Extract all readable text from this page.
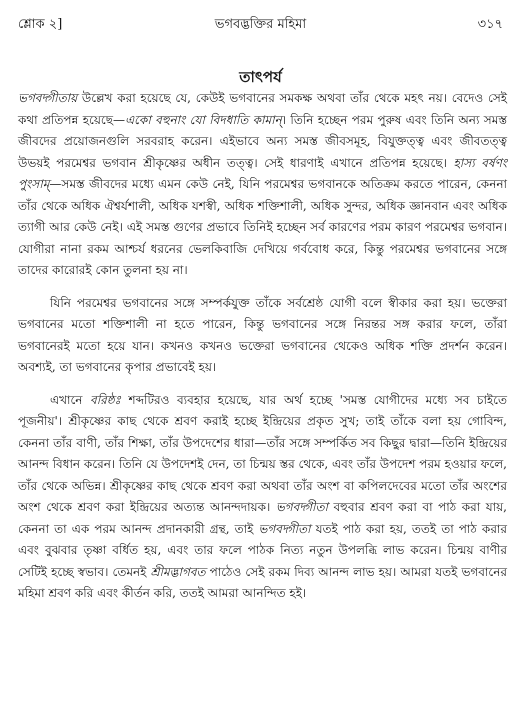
শ্লোক ২]	ভগবদ্ভক্তির মহিমা	৩১৭
তাৎপর্য

ভগবদ্গীতায় উল্লেখ করা হয়েছে যে, কেউই ভগবানের সমকক্ষ অথবা তাঁর থেকে মহৎ নয়। বেদেও সেই কথা প্রতিপন্ন হয়েছে—একো বহুনাং যো বিদধাতি কামান্‌। তিনি হচ্ছেন পরম পুরুষ এবং তিনি অন্য সমস্ত জীবদের প্রয়োজনগুলি সরবরাহ করেন। এইভাবে অন্য সমস্ত জীবসমূহ, বিযুক্তত্ত্ব এবং জীবতত্ত্ব উভয়ই পরমেশ্বর ভগবান শ্রীকৃষ্ণের অধীন তত্ত্ব। সেই ধারণাই এখানে প্রতিপন্ন হয়েছে। হাস্য বর্ষণং পুংসাম্‌—সমস্ত জীবদের মধ্যে এমন কেউ নেই, যিনি পরমেশ্বর ভগবানকে অতিক্রম করতে পারেন, কেননা তাঁর থেকে অধিক ঐশ্বর্যশালী, অধিক যশস্বী, অধিক শক্তিশালী, অধিক সুন্দর, অধিক জ্ঞানবান এবং অধিক ত্যাগী আর কেউ নেই। এই সমস্ত গুণের প্রভাবে তিনিই হচ্ছেন সর্ব কারণের পরম কারণ পরমেশ্বর ভগবান। যোগীরা নানা রকম আশ্চর্য ধরনের ভেলকিবাজি দেখিয়ে গর্ববোধ করে, কিন্তু পরমেশ্বর ভগবানের সঙ্গে তাদের কারোরই কোন তুলনা হয় না।

যিনি পরমেশ্বর ভগবানের সঙ্গে সম্পর্কযুক্ত তাঁকে সর্বশ্রেষ্ঠ যোগী বলে স্বীকার করা হয়। ভক্তেরা ভগবানের মতো শক্তিশালী না হতে পারেন, কিন্তু ভগবানের সঙ্গে নিরন্তর সঙ্গ করার ফলে, তাঁরা ভগবানেরই মতো হয়ে যান। কখনও কখনও ভক্তেরা ভগবানের থেকেও অধিক শক্তি প্রদর্শন করেন। অবশ্যই, তা ভগবানের কৃপার প্রভাবেই হয়।

এখানে বরিষ্ঠঃ শব্দটিরও ব্যবহার হয়েছে, যার অর্থ হচ্ছে 'সমস্ত যোগীদের মধ্যে সব চাইতে পূজনীয়'। শ্রীকৃষ্ণের কাছ থেকে শ্রবণ করাই হচ্ছে ইন্দ্রিয়ের প্রকৃত সুখ; তাই তাঁকে বলা হয় গোবিন্দ, কেননা তাঁর বাণী, তাঁর শিক্ষা, তাঁর উপদেশের ধারা—তাঁর সঙ্গে সম্পর্কিত সব কিছুর দ্বারা—তিনি ইন্দ্রিয়ের আনন্দ বিধান করেন। তিনি যে উপদেশই দেন, তা চিন্ময় স্তর থেকে, এবং তাঁর উপদেশ পরম হওয়ার ফলে, তাঁর থেকে অভিন্ন। শ্রীকৃষ্ণের কাছ থেকে শ্রবণ করা অথবা তাঁর অংশ বা কপিলদেবের মতো তাঁর অংশের অংশ থেকে শ্রবণ করা ইন্দ্রিয়ের অত্যন্ত আনন্দদায়ক। ভগবদ্গীতা বহুবার শ্রবণ করা বা পাঠ করা যায়, কেননা তা এক পরম আনন্দ প্রদানকারী গ্রন্থ, তাই ভগবদ্গীতা যতই পাঠ করা হয়, ততই তা পাঠ করার এবং বুঝবার তৃষ্ণা বর্ধিত হয়, এবং তার ফলে পাঠক নিত্য নতুন উপলব্ধি লাভ করেন। চিন্ময় বাণীর সেটিই হচ্ছে স্বভাব। তেমনই শ্রীমদ্ভাগবত পাঠেও সেই রকম দিব্য আনন্দ লাভ হয়। আমরা যতই ভগবানের মহিমা শ্রবণ করি এবং কীর্তন করি, ততই আমরা আনন্দিত হই।
